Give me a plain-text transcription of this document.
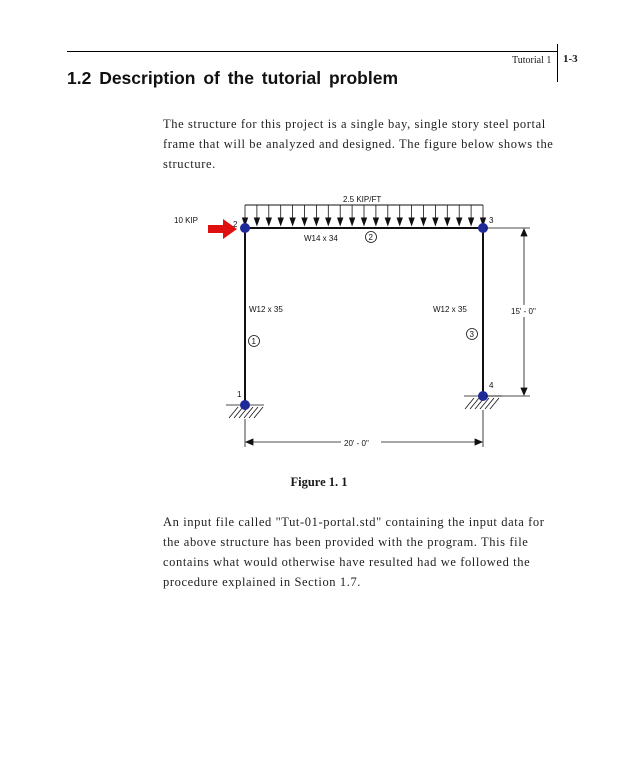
Tutorial 1 1-3
1.2 Description of the tutorial problem

The structure for this project is a single bay, single story steel portal frame that will be analyzed and designed. The figure below shows the structure.

2.5 KIP/FT
10 KIP
W14 x 34
W12 x 35	W12 x 35
2
1
3
2	3
1
4
15' - 0"
20' - 0"
Figure 1. 1

An input file called "Tut-01-portal.std" containing the input data for the above structure has been provided with the program. This file contains what would otherwise have resulted had we followed the procedure explained in Section 1.7.
